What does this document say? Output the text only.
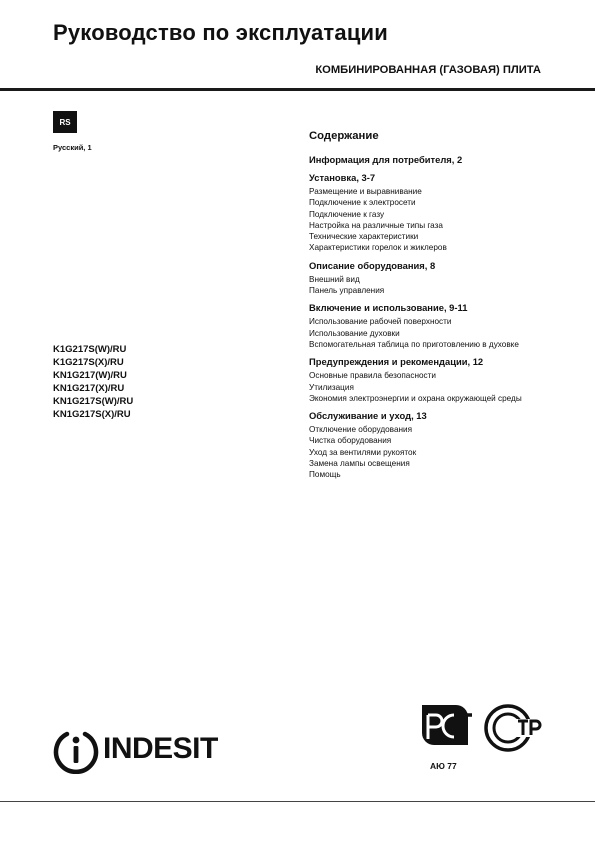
Руководство по эксплуатации
КОМБИНИРОВАННАЯ (ГАЗОВАЯ) ПЛИТА
RS
Русский, 1
K1G217S(W)/RU
K1G217S(X)/RU
KN1G217(W)/RU
KN1G217(X)/RU
KN1G217S(W)/RU
KN1G217S(X)/RU
Содержание
Информация для потребителя, 2
Установка, 3-7
Размещение и выравнивание
Подключение к электросети
Подключение к газу
Настройка на различные типы газа
Технические характеристики
Характеристики горелок и жиклеров
Описание оборудования, 8
Внешний вид
Панель управления
Включение и использование, 9-11
Использование рабочей поверхности
Использование духовки
Вспомогательная таблица по приготовлению в духовке
Предупреждения и рекомендации, 12
Основные правила безопасности
Утилизация
Экономия электроэнергии и охрана окружающей среды
Обслуживание и уход, 13
Отключение оборудования
Чистка оборудования
Уход за вентилями рукояток
Замена лампы освещения
Помощь
INDESIT
АЮ 77
